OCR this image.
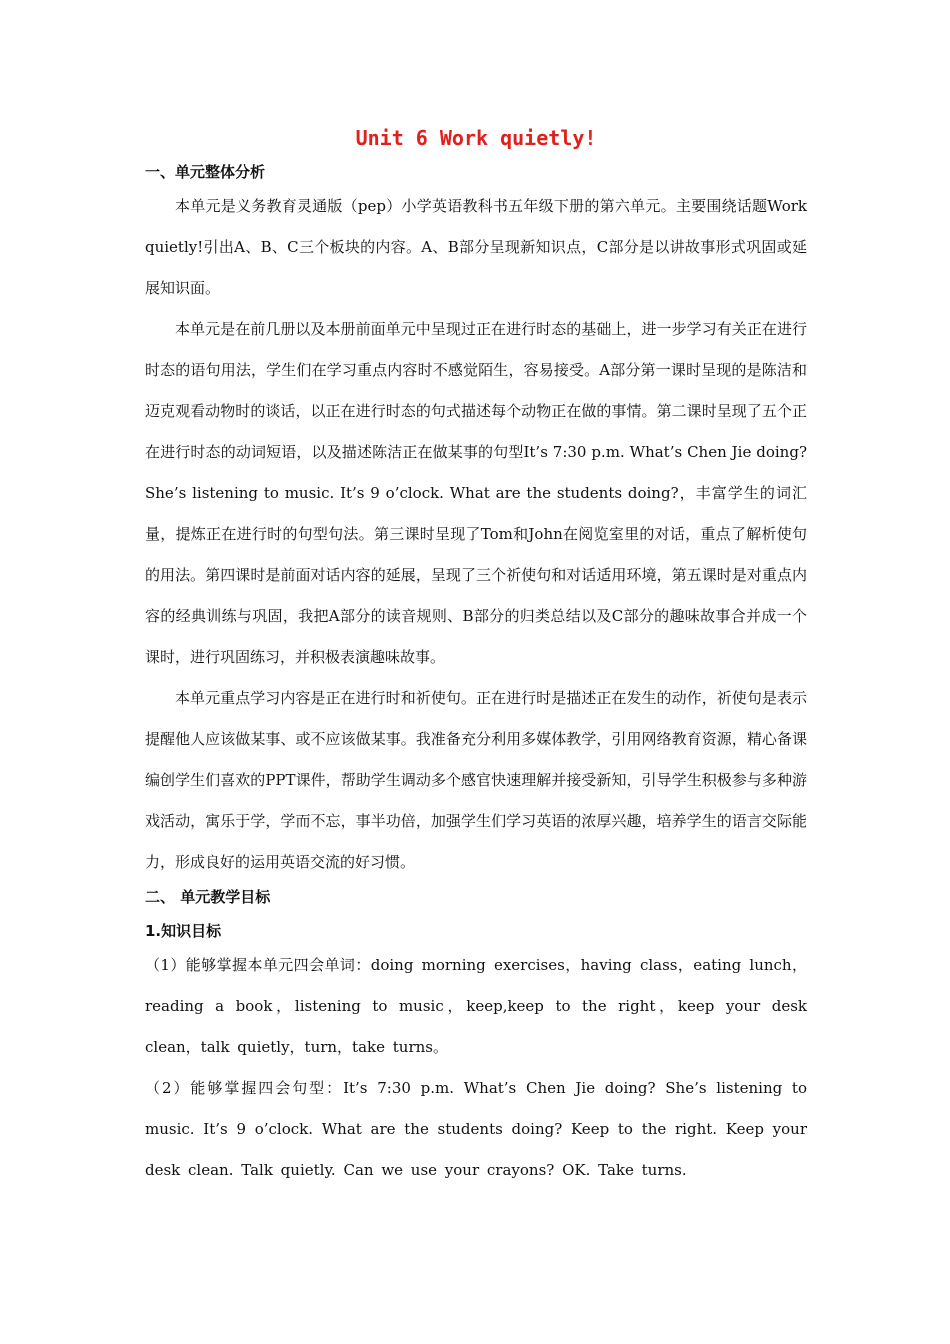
Unit 6 Work quietly!
一、单元整体分析

本单元是义务教育灵通版（pep）小学英语教科书五年级下册的第六单元。主要围绕话题Work quietly!引出A、B、C三个板块的内容。A、B部分呈现新知识点，C部分是以讲故事形式巩固或延展知识面。

本单元是在前几册以及本册前面单元中呈现过正在进行时态的基础上，进一步学习有关正在进行时态的语句用法，学生们在学习重点内容时不感觉陌生，容易接受。A部分第一课时呈现的是陈洁和迈克观看动物时的谈话，以正在进行时态的句式描述每个动物正在做的事情。第二课时呈现了五个正在进行时态的动词短语，以及描述陈洁正在做某事的句型It’s 7:30 p.m. What’s Chen Jie doing? She’s listening to music. It’s 9 o’clock. What are the students doing?，丰富学生的词汇量，提炼正在进行时的句型句法。第三课时呈现了Tom和John在阅览室里的对话，重点了解析使句的用法。第四课时是前面对话内容的延展，呈现了三个祈使句和对话适用环境，第五课时是对重点内容的经典训练与巩固，我把A部分的读音规则、B部分的归类总结以及C部分的趣味故事合并成一个课时，进行巩固练习，并积极表演趣味故事。

本单元重点学习内容是正在进行时和祈使句。正在进行时是描述正在发生的动作，祈使句是表示提醒他人应该做某事、或不应该做某事。我准备充分利用多媒体教学，引用网络教育资源，精心备课编创学生们喜欢的PPT课件，帮助学生调动多个感官快速理解并接受新知，引导学生积极参与多种游戏活动，寓乐于学，学而不忘，事半功倍，加强学生们学习英语的浓厚兴趣，培养学生的语言交际能力，形成良好的运用英语交流的好习惯。

二、 单元教学目标
1.知识目标

（1）能够掌握本单元四会单词：doing morning exercises，having class，eating lunch，reading a book，listening to music，keep,keep to the right，keep your desk clean，talk quietly，turn，take turns。

（2）能够掌握四会句型：It’s 7:30 p.m. What’s Chen Jie doing? She’s listening to music. It’s 9 o’clock. What are the students doing? Keep to the right. Keep your desk clean. Talk quietly. Can we use your crayons? OK. Take turns.
